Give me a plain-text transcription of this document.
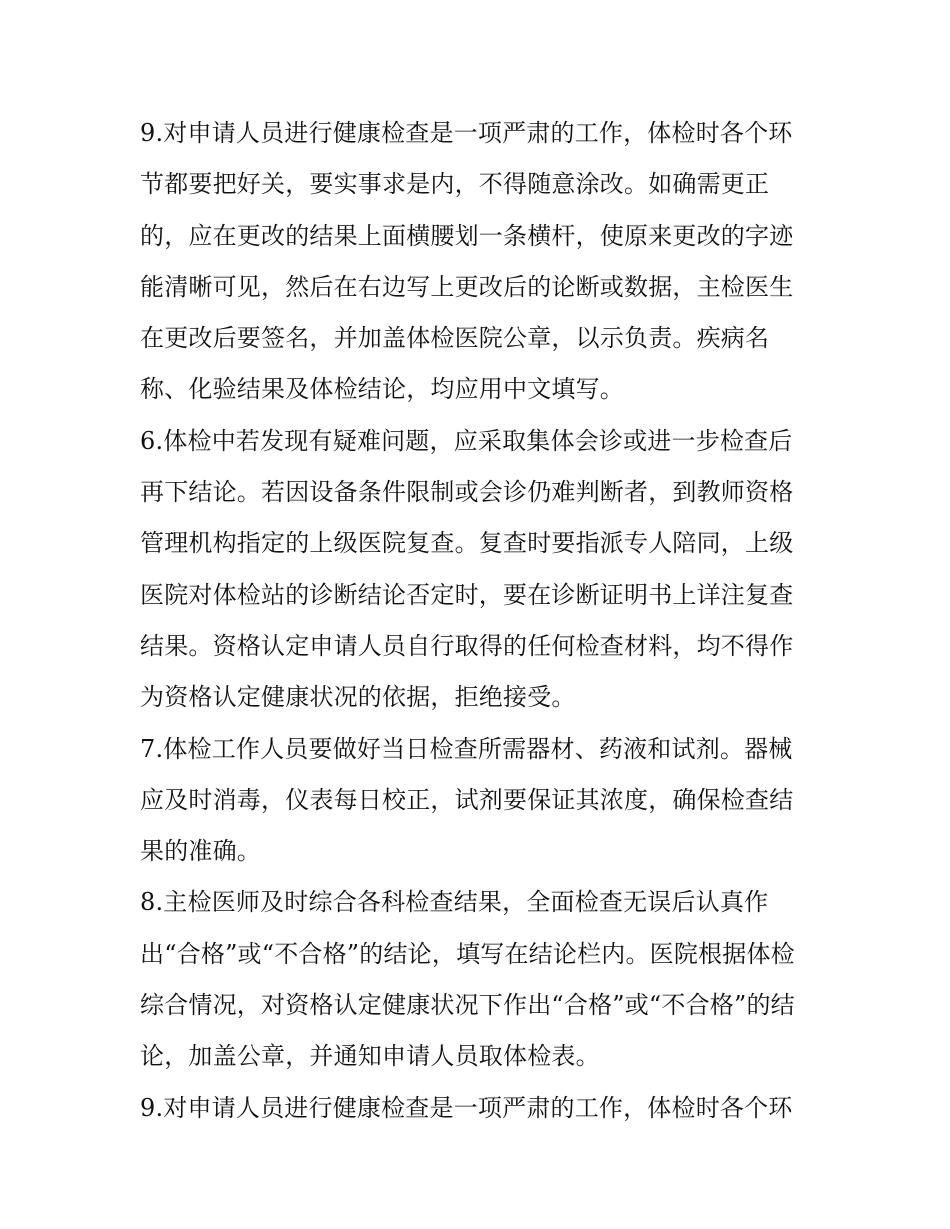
9.对申请人员进行健康检查是一项严肃的工作，体检时各个环
节都要把好关，要实事求是内，不得随意涂改。如确需更正
的，应在更改的结果上面横腰划一条横杆，使原来更改的字迹
能清晰可见，然后在右边写上更改后的论断或数据，主检医生
在更改后要签名，并加盖体检医院公章，以示负责。疾病名
称、化验结果及体检结论，均应用中文填写。

6.体检中若发现有疑难问题，应采取集体会诊或进一步检查后
再下结论。若因设备条件限制或会诊仍难判断者，到教师资格
管理机构指定的上级医院复查。复查时要指派专人陪同，上级
医院对体检站的诊断结论否定时，要在诊断证明书上详注复查
结果。资格认定申请人员自行取得的任何检查材料，均不得作
为资格认定健康状况的依据，拒绝接受。

7.体检工作人员要做好当日检查所需器材、药液和试剂。器械
应及时消毒，仪表每日校正，试剂要保证其浓度，确保检查结
果的准确。

8.主检医师及时综合各科检查结果，全面检查无误后认真作
出“合格”或“不合格”的结论，填写在结论栏内。医院根据体检
综合情况，对资格认定健康状况下作出“合格”或“不合格”的结
论，加盖公章，并通知申请人员取体检表。

9.对申请人员进行健康检查是一项严肃的工作，体检时各个环
